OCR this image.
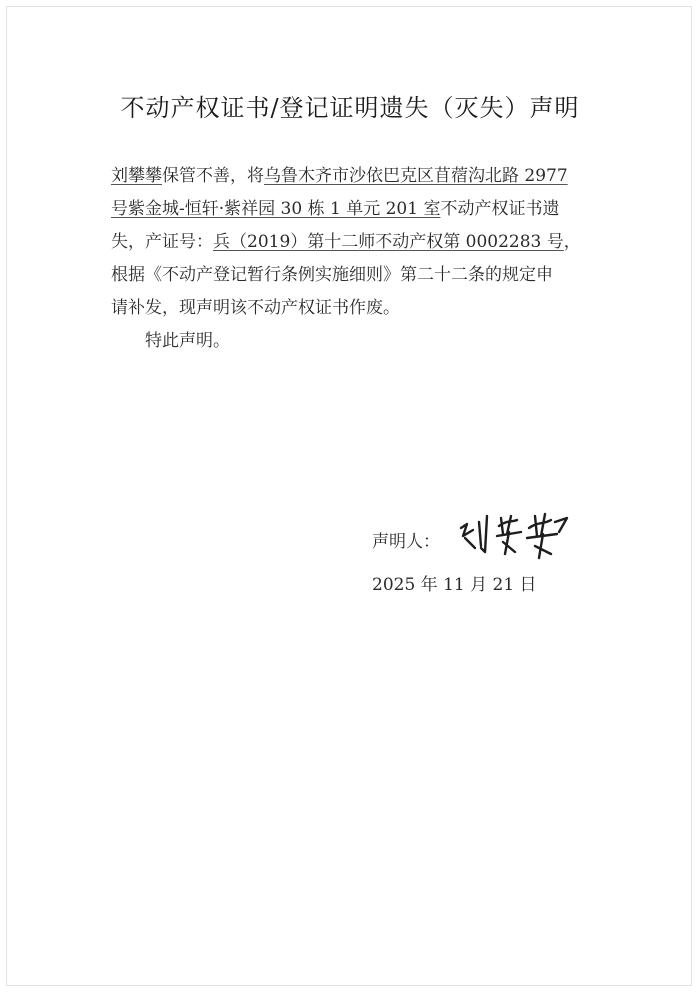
不动产权证书/登记证明遗失（灭失）声明
刘攀攀保管不善，将乌鲁木齐市沙依巴克区苜蓿沟北路 2977
号紫金城-恒轩·紫祥园 30 栋 1 单元 201 室不动产权证书遗
失，产证号：兵（2019）第十二师不动产权第 0002283 号，
根据《不动产登记暂行条例实施细则》第二十二条的规定申
请补发，现声明该不动产权证书作废。
特此声明。
声明人：
2025 年 11 月 21 日
